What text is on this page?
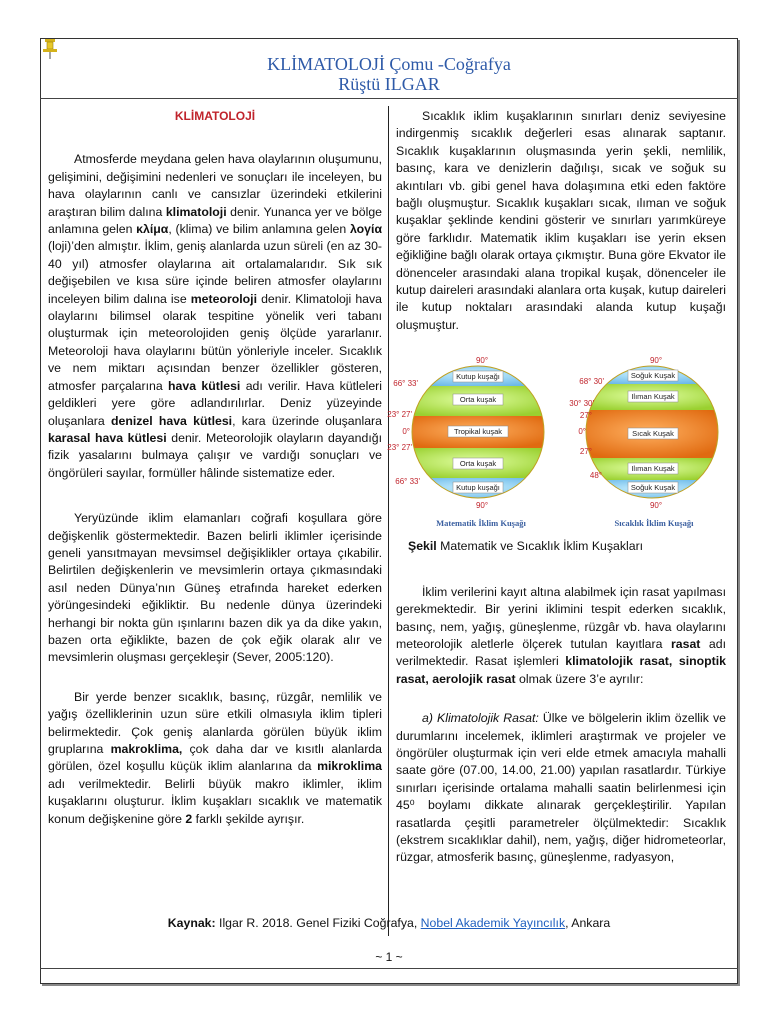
KLİMATOLOJİ Çomu -Coğrafya
Rüştü ILGAR

KLİMATOLOJİ

Atmosferde meydana gelen hava olaylarının oluşumunu, gelişimini, değişimini nedenleri ve sonuçları ile inceleyen, bu hava olaylarının canlı ve cansızlar üzerindeki etkilerini araştıran bilim dalına klimatoloji denir. Yunanca yer ve bölge anlamına gelen κλίμα, (klima) ve bilim anlamına gelen λογία (loji)’den almıştır. İklim, geniş alanlarda uzun süreli (en az 30-40 yıl) atmosfer olaylarına ait ortalamalarıdır. Sık sık değişebilen ve kısa süre içinde beliren atmosfer olaylarını inceleyen bilim dalına ise meteoroloji denir. Klimatoloji hava olaylarını bilimsel olarak tespitine yönelik veri tabanı oluşturmak için meteorolojiden geniş ölçüde yararlanır. Meteoroloji hava olaylarını bütün yönleriyle inceler. Sıcaklık ve nem miktarı açısından benzer özellikler gösteren, atmosfer parçalarına hava kütlesi adı verilir. Hava kütleleri geldikleri yere göre adlandırılırlar. Deniz yüzeyinde oluşanlara denizel hava kütlesi, kara üzerinde oluşanlara karasal hava kütlesi denir. Meteorolojik olayların dayandığı fizik yasalarını bulmaya çalışır ve vardığı sonuçları ve öngörüleri sayılar, formüller hâlinde sistematize eder.

Yeryüzünde iklim elamanları coğrafi koşullara göre değişkenlik göstermektedir. Bazen belirli iklimler içerisinde geneli yansıtmayan mevsimsel değişiklikler ortaya çıkabilir. Belirtilen değişkenlerin ve mevsimlerin ortaya çıkmasındaki asıl neden Dünya’nın Güneş etrafında hareket ederken yörüngesindeki eğikliktir. Bu nedenle dünya üzerindeki herhangi bir nokta gün ışınlarını bazen dik ya da dike yakın, bazen orta eğiklikte, bazen de çok eğik olarak alır ve mevsimlerin oluşması gerçekleşir (Sever, 2005:120).

Bir yerde benzer sıcaklık, basınç, rüzgâr, nemlilik ve yağış özelliklerinin uzun süre etkili olmasıyla iklim tipleri belirmektedir. Çok geniş alanlarda görülen büyük iklim gruplarına makroklima, çok daha dar ve kısıtlı alanlarda görülen, özel koşullu küçük iklim alanlarına da mikroklima adı verilmektedir. Belirli büyük makro iklimler, iklim kuşaklarını oluşturur. İklim kuşakları sıcaklık ve matematik konum değişkenine göre 2 farklı şekilde ayrışır.

Sıcaklık iklim kuşaklarının sınırları deniz seviyesine indirgenmiş sıcaklık değerleri esas alınarak saptanır. Sıcaklık kuşaklarının oluşmasında yerin şekli, nemlilik, basınç, kara ve denizlerin dağılışı, sıcak ve soğuk su akıntıları vb. gibi genel hava dolaşımına etki eden faktöre bağlı oluşmuştur. Sıcaklık kuşakları sıcak, ılıman ve soğuk kuşaklar şeklinde kendini gösterir ve sınırları yarımküreye göre farklıdır. Matematik iklim kuşakları ise yerin eksen eğikliğine bağlı olarak ortaya çıkmıştır. Buna göre Ekvator ile dönenceler arasındaki alana tropikal kuşak, dönenceler ile kutup daireleri arasındaki alanlara orta kuşak, kutup daireleri ile kutup noktaları arasındaki alanda kutup kuşağı oluşmuştur.

Kutup kuşağı
Orta kuşak
Tropikal kuşak
Orta kuşak
Kutup kuşağı
90°
66° 33'
23° 27'
0°
23° 27'
66° 33'
90°
Matematik İklim Kuşağı
Soğuk Kuşak
Ilıman Kuşak
Sıcak Kuşak
Ilıman Kuşak
Soğuk Kuşak
90°
68° 30'
30° 30'
27°
0°
27°
48°
90°
Sıcaklık İklim Kuşağı

Şekil Matematik ve Sıcaklık İklim Kuşakları

İklim verilerini kayıt altına alabilmek için rasat yapılması gerekmektedir. Bir yerini iklimini tespit ederken sıcaklık, basınç, nem, yağış, güneşlenme, rüzgâr vb. hava olaylarını meteorolojik aletlerle ölçerek tutulan kayıtlara rasat adı verilmektedir. Rasat işlemleri klimatolojik rasat, sinoptik rasat, aerolojik rasat olmak üzere 3’e ayrılır:

a) Klimatolojik Rasat: Ülke ve bölgelerin iklim özellik ve durumlarını incelemek, iklimleri araştırmak ve projeler ve öngörüler oluşturmak için veri elde etmek amacıyla mahalli saate göre (07.00, 14.00, 21.00) yapılan rasatlardır. Türkiye sınırları içerisinde ortalama mahalli saatin belirlenmesi için 45⁰ boylamı dikkate alınarak gerçekleştirilir. Yapılan rasatlarda çeşitli parametreler ölçülmektedir: Sıcaklık (ekstrem sıcaklıklar dahil), nem, yağış, diğer hidrometeorlar, rüzgar, atmosferik basınç, güneşlenme, radyasyon,

Kaynak: Ilgar R. 2018. Genel Fiziki Coğrafya, Nobel Akademik Yayıncılık, Ankara
~ 1 ~
